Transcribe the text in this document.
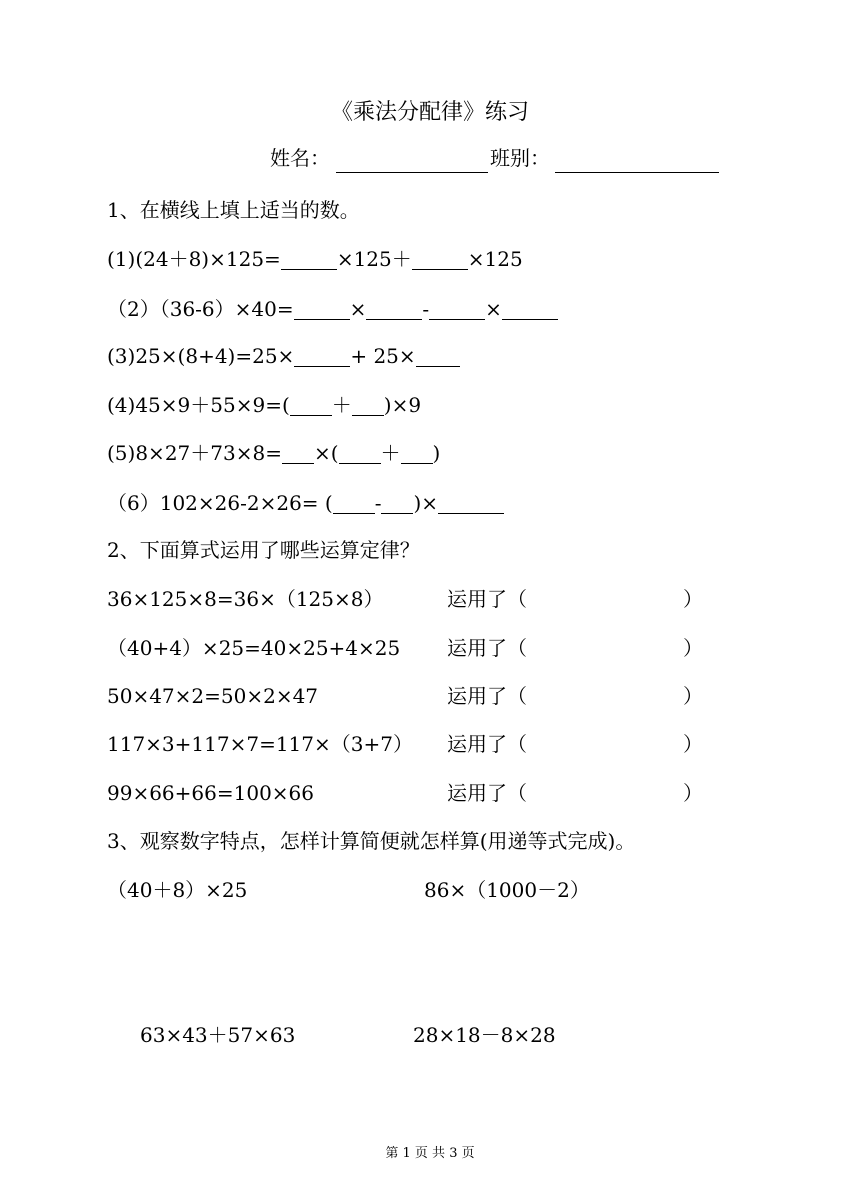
《乘法分配律》练习
姓名：	班别：
1、在横线上填上适当的数。
(1)(24＋8)×125=	×125＋	×125
（2）（36-6）×40=	×	-	×
(3)25×(8+4)=25×	+ 25×
(4)45×9＋55×9=( ＋ )×9
(5)8×27＋73×8= ×( ＋ )
（6）102×26-2×26= ( - )×
2、下面算式运用了哪些运算定律？
36×125×8=36×（125×8）	运用了（	）
（40+4）×25=40×25+4×25 运用了（	）
50×47×2=50×2×47	运用了（	）
117×3+117×7=117×（3+7） 运用了（	）
99×66+66=100×66	运用了（	）
3、观察数字特点，怎样计算简便就怎样算(用递等式完成)。
（40＋8）×25	86×（1000－2）
63×43＋57×63	28×18－8×28
第 1 页 共 3 页
